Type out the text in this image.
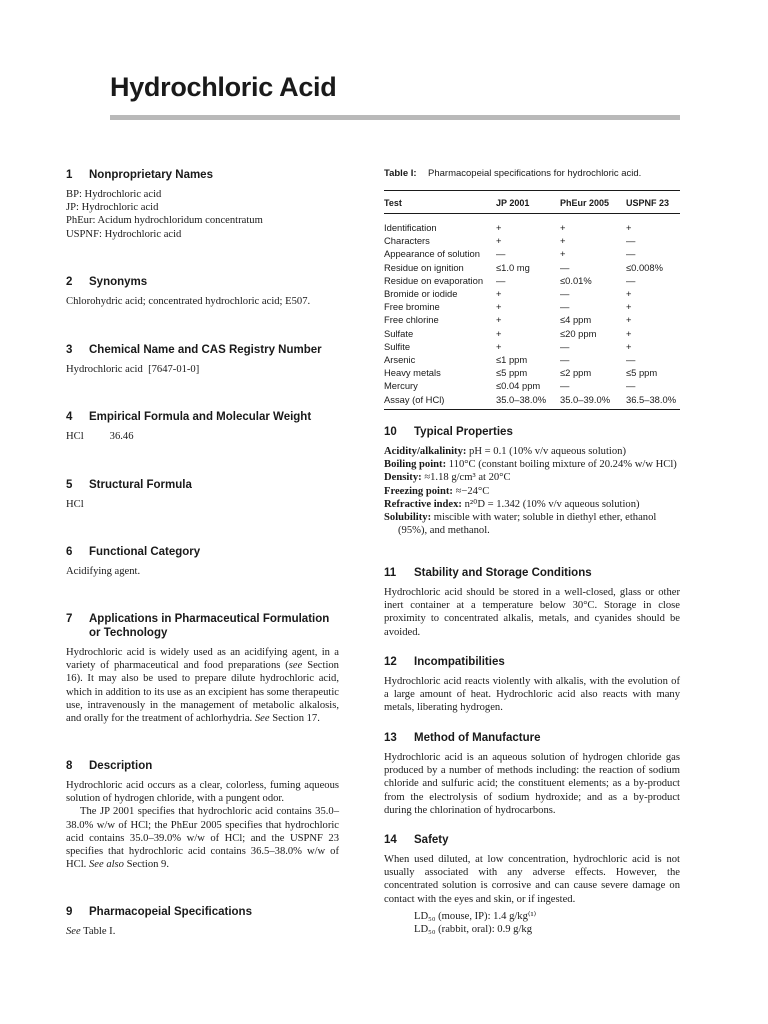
Hydrochloric Acid
1	Nonproprietary Names

BP: Hydrochloric acid

JP: Hydrochloric acid

PhEur: Acidum hydrochloridum concentratum

USPNF: Hydrochloric acid

2	Synonyms
Chlorohydric acid; concentrated hydrochloric acid; E507.
3	Chemical Name and CAS Registry Number
Hydrochloric acid  [7647-01-0]
4	Empirical Formula and Molecular Weight
HCl 36.46
5	Structural Formula
HCl
6	Functional Category
Acidifying agent.
7	Applications in Pharmaceutical Formulation or Technology
Hydrochloric acid is widely used as an acidifying agent, in a variety of pharmaceutical and food preparations (see Section 16). It may also be used to prepare dilute hydrochloric acid, which in addition to its use as an excipient has some therapeutic use, intravenously in the management of metabolic alkalosis, and orally for the treatment of achlorhydria. See Section 17.
8	Description

Hydrochloric acid occurs as a clear, colorless, fuming aqueous solution of hydrogen chloride, with a pungent odor.

The JP 2001 specifies that hydrochloric acid contains 35.0–38.0% w/w of HCl; the PhEur 2005 specifies that hydrochloric acid contains 35.0–39.0% w/w of HCl; and the USPNF 23 specifies that hydrochloric acid contains 36.5–38.0% w/w of HCl. See also Section 9.

9	Pharmacopeial Specifications
See Table I.
Table I:	Pharmacopeial specifications for hydrochloric acid.
Test	JP 2001	PhEur 2005	USPNF 23
Identification	+	+	+
Characters	+	+	—
Appearance of solution	—	+	—
Residue on ignition	≤1.0 mg	—	≤0.008%
Residue on evaporation	—	≤0.01%	—
Bromide or iodide	+	—	+
Free bromine	+	—	+
Free chlorine	+	≤4 ppm	+
Sulfate	+	≤20 ppm	+
Sulfite	+	—	+
Arsenic	≤1 ppm	—	—
Heavy metals	≤5 ppm	≤2 ppm	≤5 ppm
Mercury	≤0.04 ppm	—	—
Assay (of HCl)	35.0–38.0%	35.0–39.0%	36.5–38.0%
10	Typical Properties

Acidity/alkalinity: pH = 0.1 (10% v/v aqueous solution)

Boiling point: 110°C (constant boiling mixture of 20.24% w/w HCl)

Density: ≈1.18 g/cm³ at 20°C

Freezing point: ≈−24°C

Refractive index: n²⁰D = 1.342 (10% v/v aqueous solution)

Solubility: miscible with water; soluble in diethyl ether, ethanol (95%), and methanol.

11	Stability and Storage Conditions
Hydrochloric acid should be stored in a well-closed, glass or other inert container at a temperature below 30°C. Storage in close proximity to concentrated alkalis, metals, and cyanides should be avoided.
12	Incompatibilities
Hydrochloric acid reacts violently with alkalis, with the evolution of a large amount of heat. Hydrochloric acid also reacts with many metals, liberating hydrogen.
13	Method of Manufacture
Hydrochloric acid is an aqueous solution of hydrogen chloride gas produced by a number of methods including: the reaction of sodium chloride and sulfuric acid; the constituent elements; as a by-product from the electrolysis of sodium hydroxide; and as a by-product during the chlorination of hydrocarbons.
14	Safety

When used diluted, at low concentration, hydrochloric acid is not usually associated with any adverse effects. However, the concentrated solution is corrosive and can cause severe damage on contact with the eyes and skin, or if ingested.

LD₅₀ (mouse, IP): 1.4 g/kg⁽¹⁾

LD₅₀ (rabbit, oral): 0.9 g/kg
